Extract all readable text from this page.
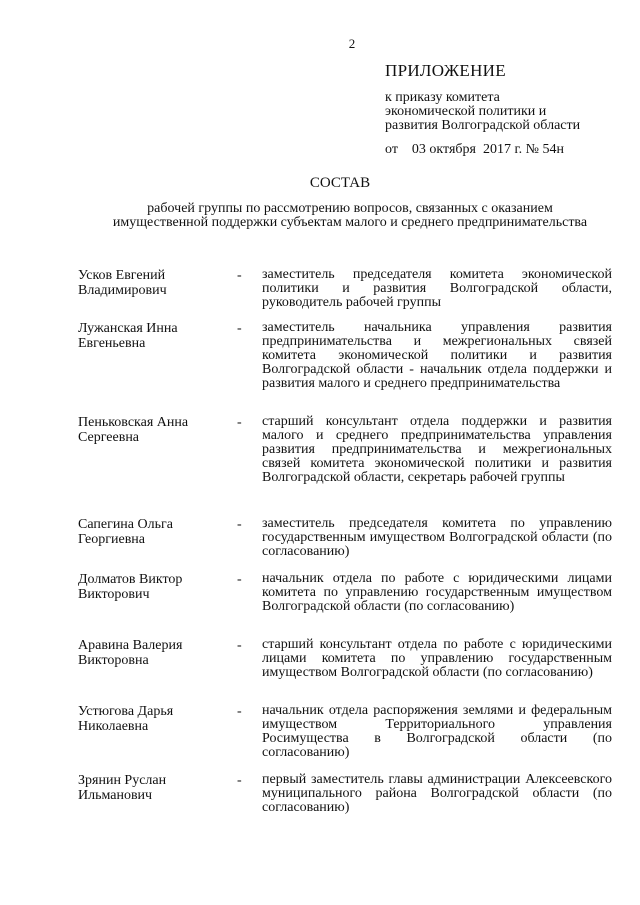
2
ПРИЛОЖЕНИЕ
к приказу комитета
экономической политики и
развития Волгоградской области
от    03 октября  2017 г. № 54н
СОСТАВ
рабочей группы по рассмотрению вопросов, связанных с оказанием
имущественной поддержки субъектам малого и среднего предпринимательства
Усков Евгений
Владимирович
- заместитель председателя комитета экономической политики и развития Волгоградской области, руководитель рабочей группы
Лужанская Инна
Евгеньевна
- заместитель начальника управления развития предпринимательства и межрегиональных связей комитета экономической политики и развития Волгоградской области - начальник отдела поддержки и развития малого и среднего предпринимательства
Пеньковская Анна
Сергеевна
- старший консультант отдела поддержки и развития малого и среднего предпринимательства управления развития предпринимательства и межрегиональных связей комитета экономической политики и развития Волгоградской области, секретарь рабочей группы
Сапегина Ольга
Георгиевна
- заместитель председателя комитета по управлению государственным имуществом Волгоградской области (по согласованию)
Долматов Виктор
Викторович
- начальник отдела по работе с юридическими лицами комитета по управлению государственным имуществом Волгоградской области (по согласованию)
Аравина Валерия
Викторовна
- старший консультант отдела по работе с юридическими лицами комитета по управлению государственным имуществом Волгоградской области (по согласованию)
Устюгова Дарья
Николаевна
- начальник отдела распоряжения землями и федеральным имуществом Территориального управления Росимущества в Волгоградской области (по согласованию)
Зрянин Руслан
Ильманович
- первый заместитель главы администрации Алексеевского муниципального района Волгоградской области (по согласованию)
